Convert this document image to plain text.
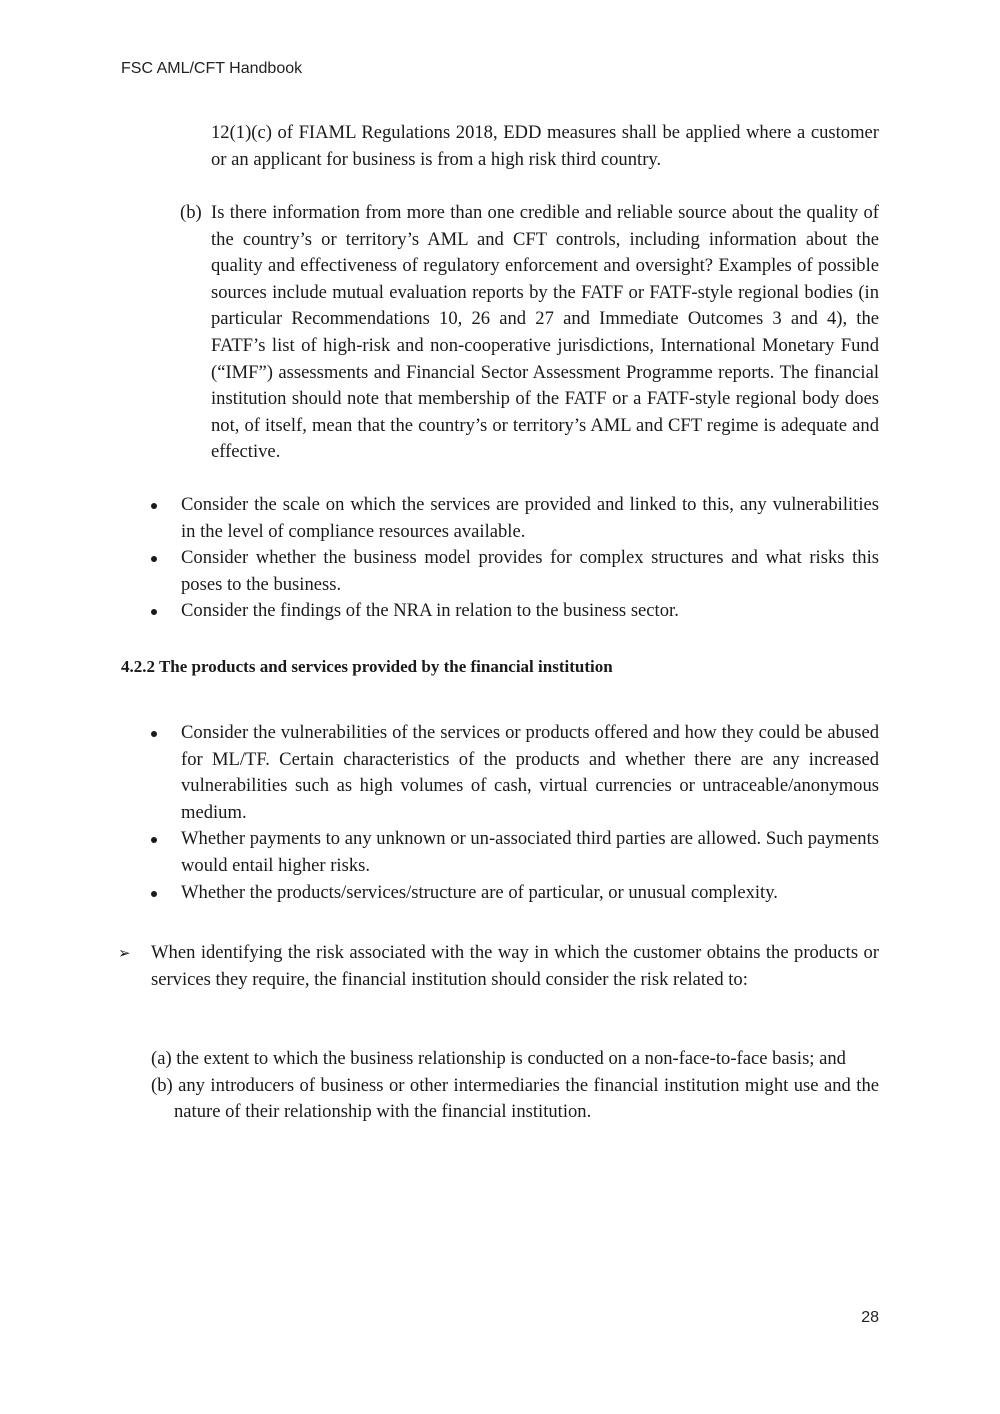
FSC AML/CFT Handbook

12(1)(c) of FIAML Regulations 2018, EDD measures shall be applied where a customer or an applicant for business is from a high risk third country.

(b) Is there information from more than one credible and reliable source about the quality of the country’s or territory’s AML and CFT controls, including information about the quality and effectiveness of regulatory enforcement and oversight? Examples of possible sources include mutual evaluation reports by the FATF or FATF-style regional bodies (in particular Recommendations 10, 26 and 27 and Immediate Outcomes 3 and 4), the FATF’s list of high-risk and non-cooperative jurisdictions, International Monetary Fund (“IMF”) assessments and Financial Sector Assessment Programme reports. The financial institution should note that membership of the FATF or a FATF-style regional body does not, of itself, mean that the country’s or territory’s AML and CFT regime is adequate and effective.
Consider the scale on which the services are provided and linked to this, any vulnerabilities in the level of compliance resources available.
Consider whether the business model provides for complex structures and what risks this poses to the business.
Consider the findings of the NRA in relation to the business sector.
4.2.2 The products and services provided by the financial institution
Consider the vulnerabilities of the services or products offered and how they could be abused for ML/TF. Certain characteristics of the products and whether there are any increased vulnerabilities such as high volumes of cash, virtual currencies or untraceable/anonymous medium.
Whether payments to any unknown or un-associated third parties are allowed. Such payments would entail higher risks.
Whether the products/services/structure are of particular, or unusual complexity.
➢	When identifying the risk associated with the way in which the customer obtains the products or services they require, the financial institution should consider the risk related to:

(a) the extent to which the business relationship is conducted on a non-face-to-face basis; and

(b) any introducers of business or other intermediaries the financial institution might use and the nature of their relationship with the financial institution.

28
